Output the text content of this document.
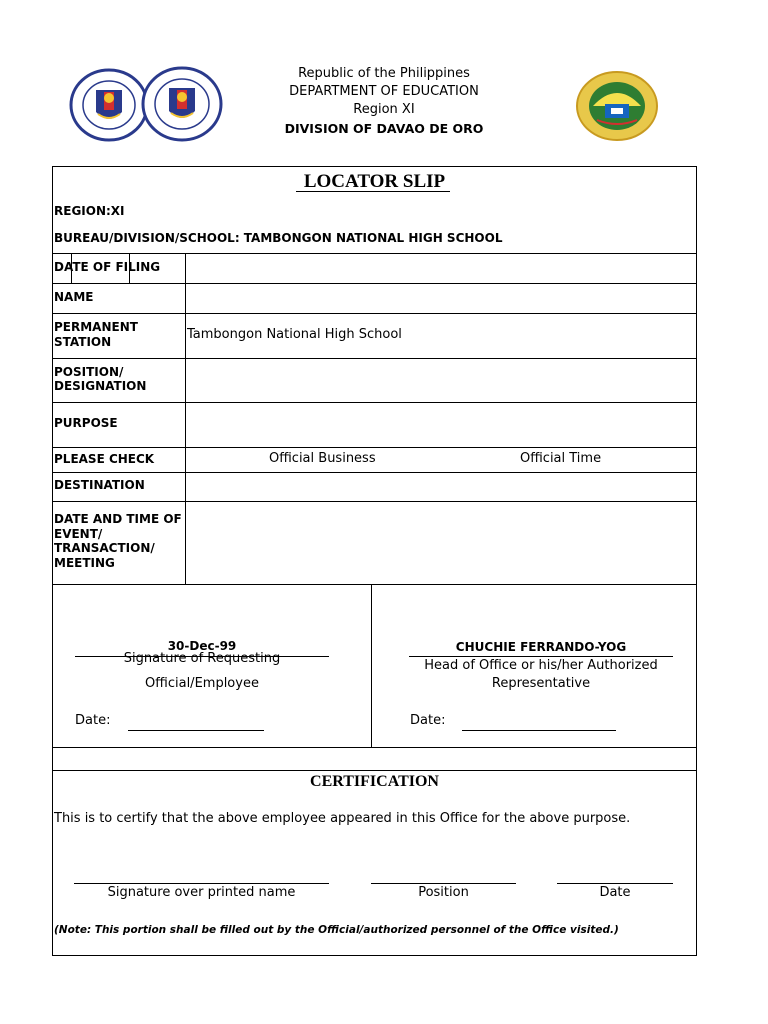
Republic of the Philippines
DEPARTMENT OF EDUCATION
Region XI
DIVISION OF DAVAO DE ORO
LOCATOR SLIP
REGION:XI
BUREAU/DIVISION/SCHOOL: TAMBONGON NATIONAL HIGH SCHOOL
DATE OF FILING
NAME
PERMANENT
STATION	Tambongon National High School
POSITION/
DESIGNATION
PURPOSE
PLEASE CHECK	Official Business	Official Time
DESTINATION
DATE AND TIME OF
EVENT/
TRANSACTION/
MEETING
30-Dec-99
Signature of Requesting
Official/Employee
Date:
CHUCHIE FERRANDO-YOG
Head of Office or his/her Authorized
Representative
Date:
CERTIFICATION
This is to certify that the above employee appeared in this Office for the above purpose.
Signature over printed name	Position	Date
(Note: This portion shall be filled out by the Official/authorized personnel of the Office visited.)
